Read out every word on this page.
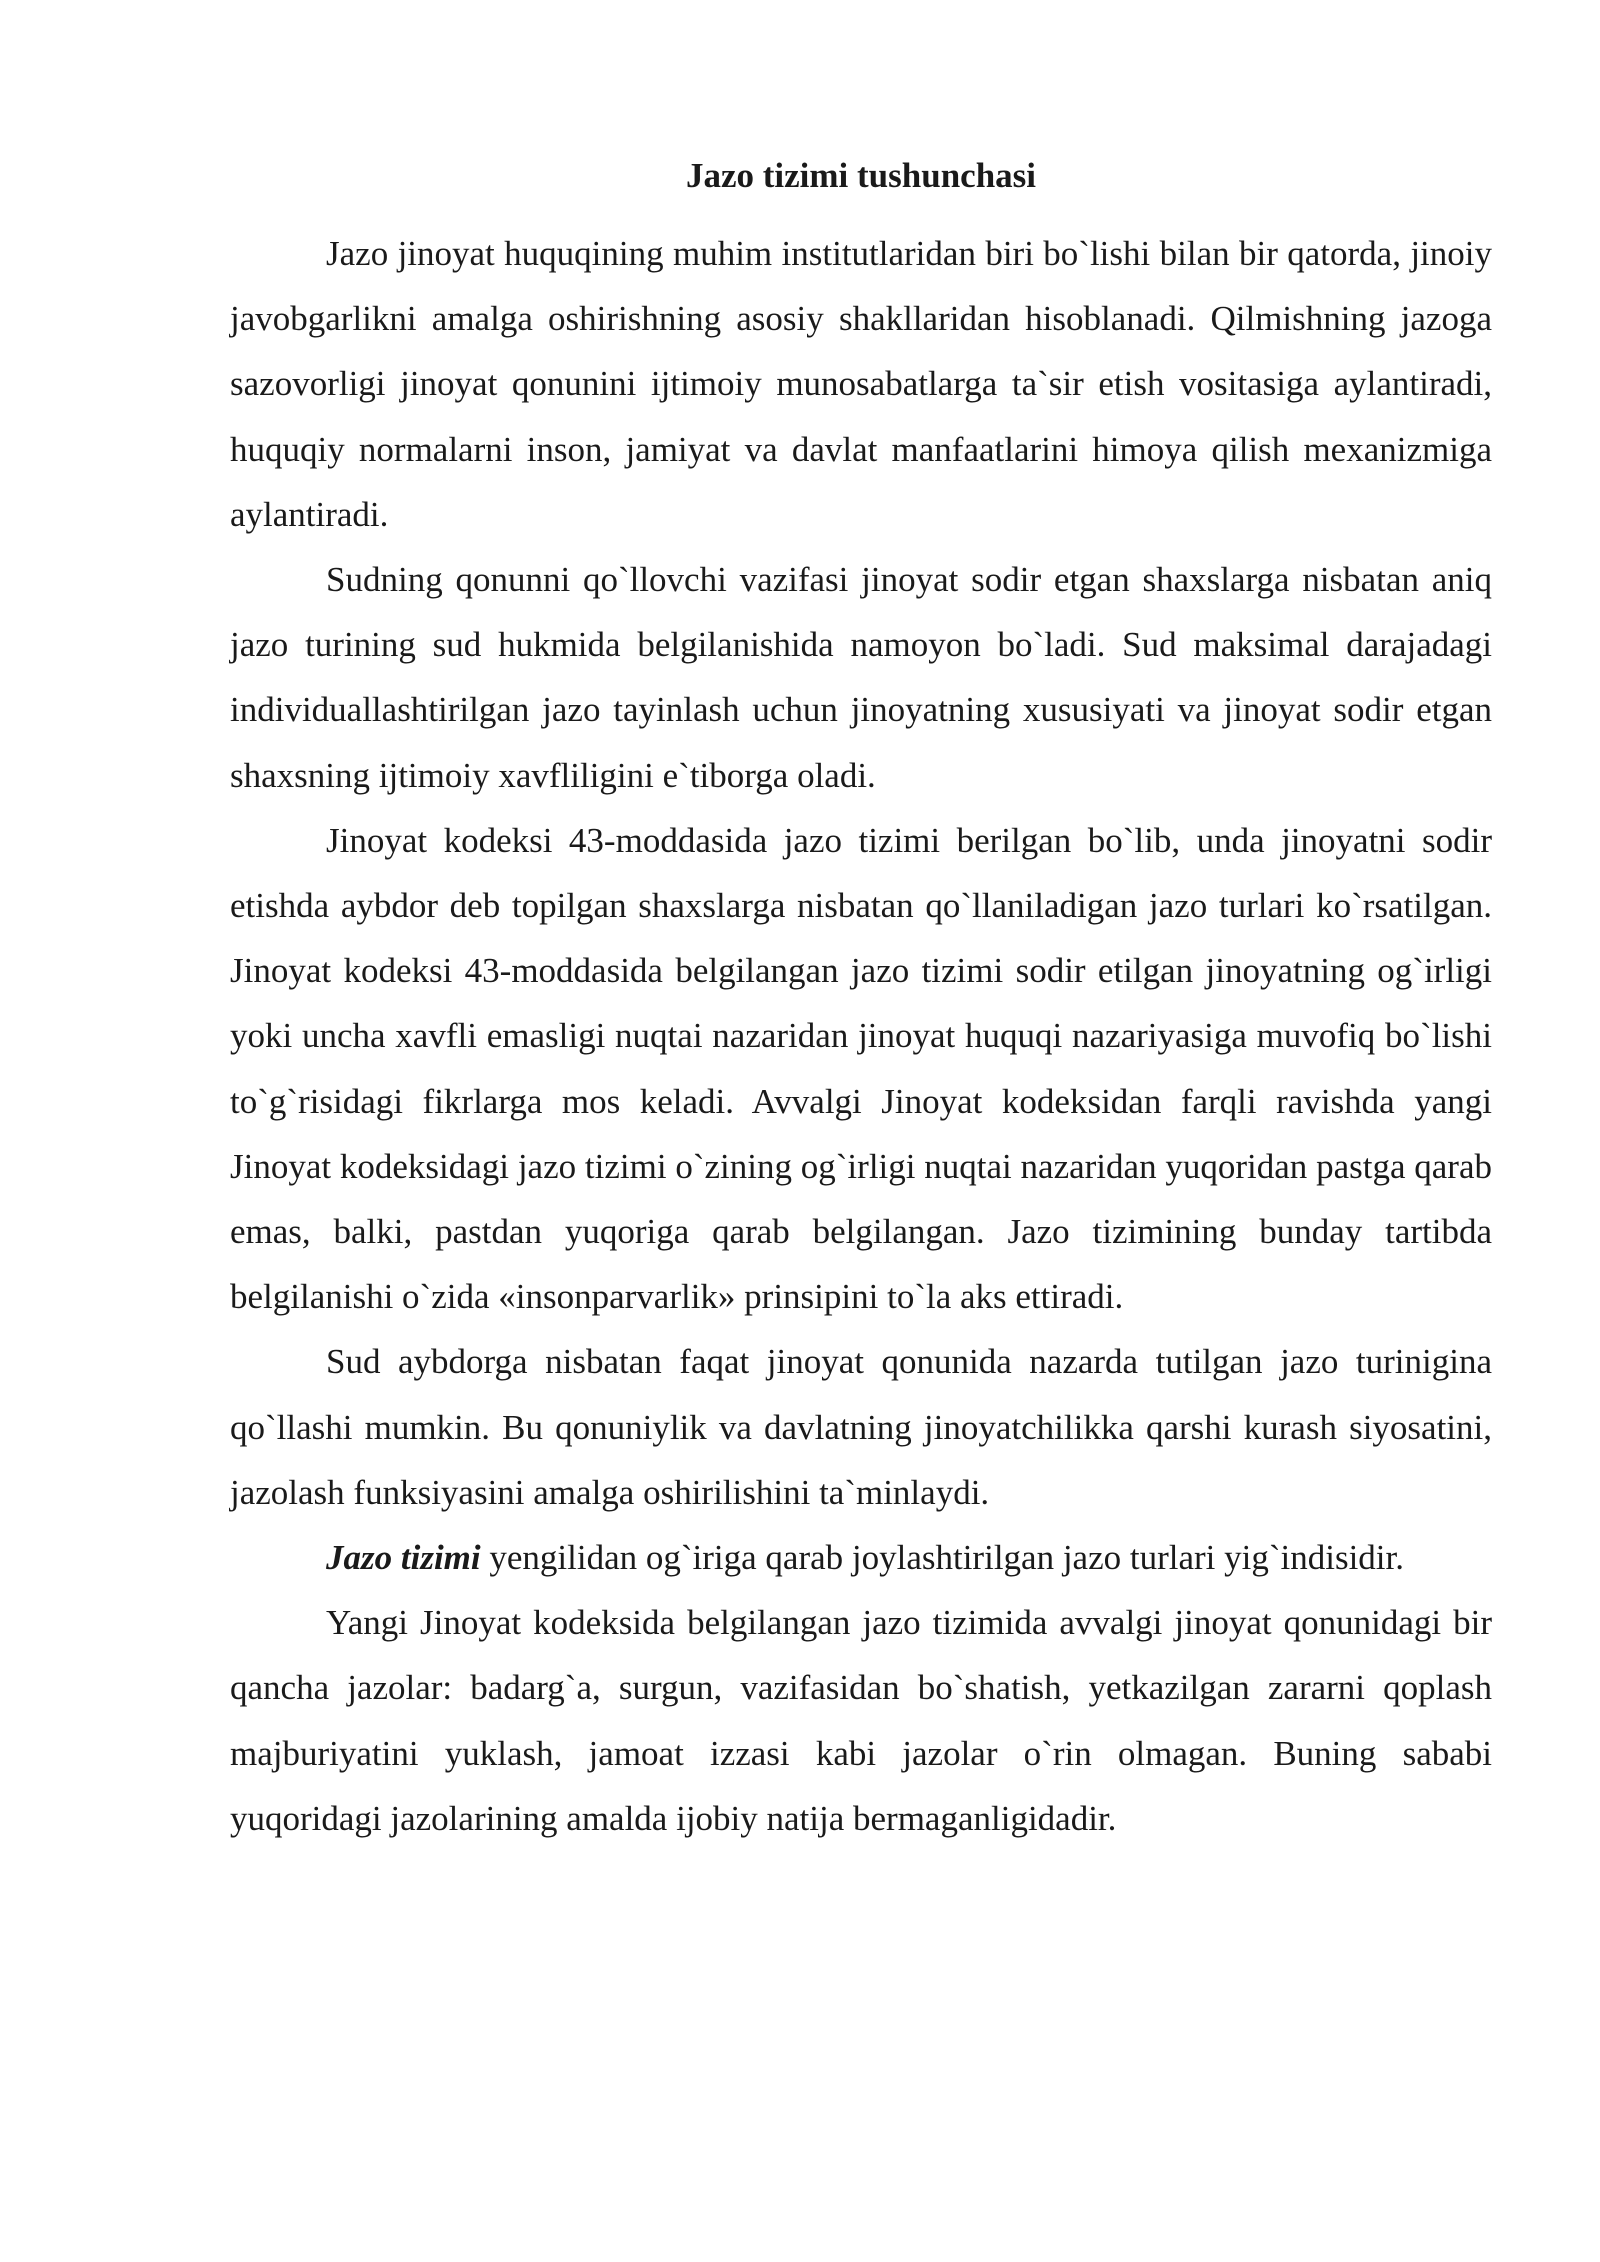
Jazo tizimi tushunchasi

Jazo jinoyat huquqining muhim institutlaridan biri bo`lishi bilan bir qatorda, jinoiy javobgarlikni amalga oshirishning asosiy shakllaridan hisoblanadi. Qilmishning jazoga sazovorligi jinoyat qonunini ijtimoiy munosabatlarga ta`sir etish vositasiga aylantiradi, huquqiy normalarni inson, jamiyat va davlat manfaatlarini himoya qilish mexanizmiga aylantiradi.

Sudning qonunni qo`llovchi vazifasi jinoyat sodir etgan shaxslarga nisbatan aniq jazo turining sud hukmida belgilanishida namoyon bo`ladi. Sud maksimal darajadagi individuallashtirilgan jazo tayinlash uchun jinoyatning xususiyati va jinoyat sodir etgan shaxsning ijtimoiy xavfliligini e`tiborga oladi.

Jinoyat kodeksi 43-moddasida jazo tizimi berilgan bo`lib, unda jinoyatni sodir etishda aybdor deb topilgan shaxslarga nisbatan qo`llaniladigan jazo turlari ko`rsatilgan. Jinoyat kodeksi 43-moddasida belgilangan jazo tizimi sodir etilgan jinoyatning og`irligi yoki uncha xavfli emasligi nuqtai nazaridan jinoyat huquqi nazariyasiga muvofiq bo`lishi to`g`risidagi fikrlarga mos keladi. Avvalgi Jinoyat kodeksidan farqli ravishda yangi Jinoyat kodeksidagi jazo tizimi o`zining og`irligi nuqtai nazaridan yuqoridan pastga qarab emas, balki, pastdan yuqoriga qarab belgilangan. Jazo tizimining bunday tartibda belgilanishi o`zida «insonparvarlik» prinsipini to`la aks ettiradi.

Sud aybdorga nisbatan faqat jinoyat qonunida nazarda tutilgan jazo turinigina qo`llashi mumkin. Bu qonuniylik va davlatning jinoyatchilikka qarshi kurash siyosatini, jazolash funksiyasini amalga oshirilishini ta`minlaydi.

Jazo tizimi yengilidan og`iriga qarab joylashtirilgan jazo turlari yig`indisidir.

Yangi Jinoyat kodeksida belgilangan jazo tizimida avvalgi jinoyat qonunidagi bir qancha jazolar: badarg`a, surgun, vazifasidan bo`shatish, yetkazilgan zararni qoplash majburiyatini yuklash, jamoat izzasi kabi jazolar o`rin olmagan. Buning sababi yuqoridagi jazolarining amalda ijobiy natija bermaganligidadir.
